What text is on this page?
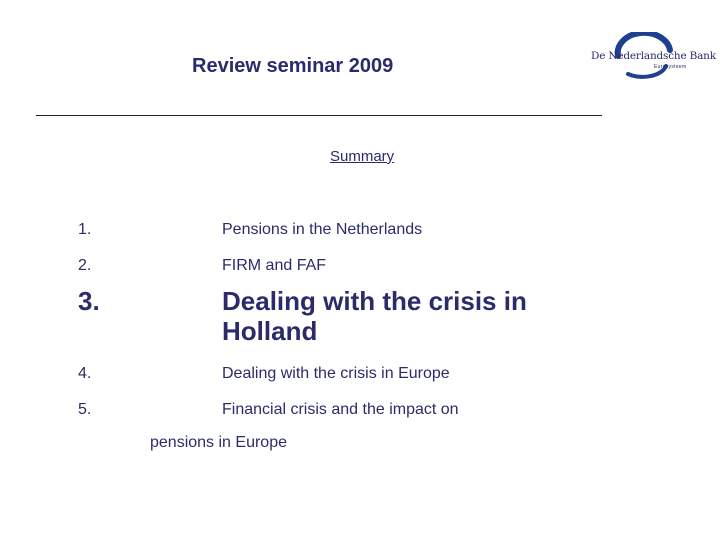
Review seminar 2009	De Nederlandsche Bank
Eurosysteem
Summary
1.	Pensions in the Netherlands
2.	FIRM and FAF
3.	Dealing with the crisis in
Holland
4.	Dealing with the crisis in Europe
5.	Financial crisis and the impact on
pensions in Europe
